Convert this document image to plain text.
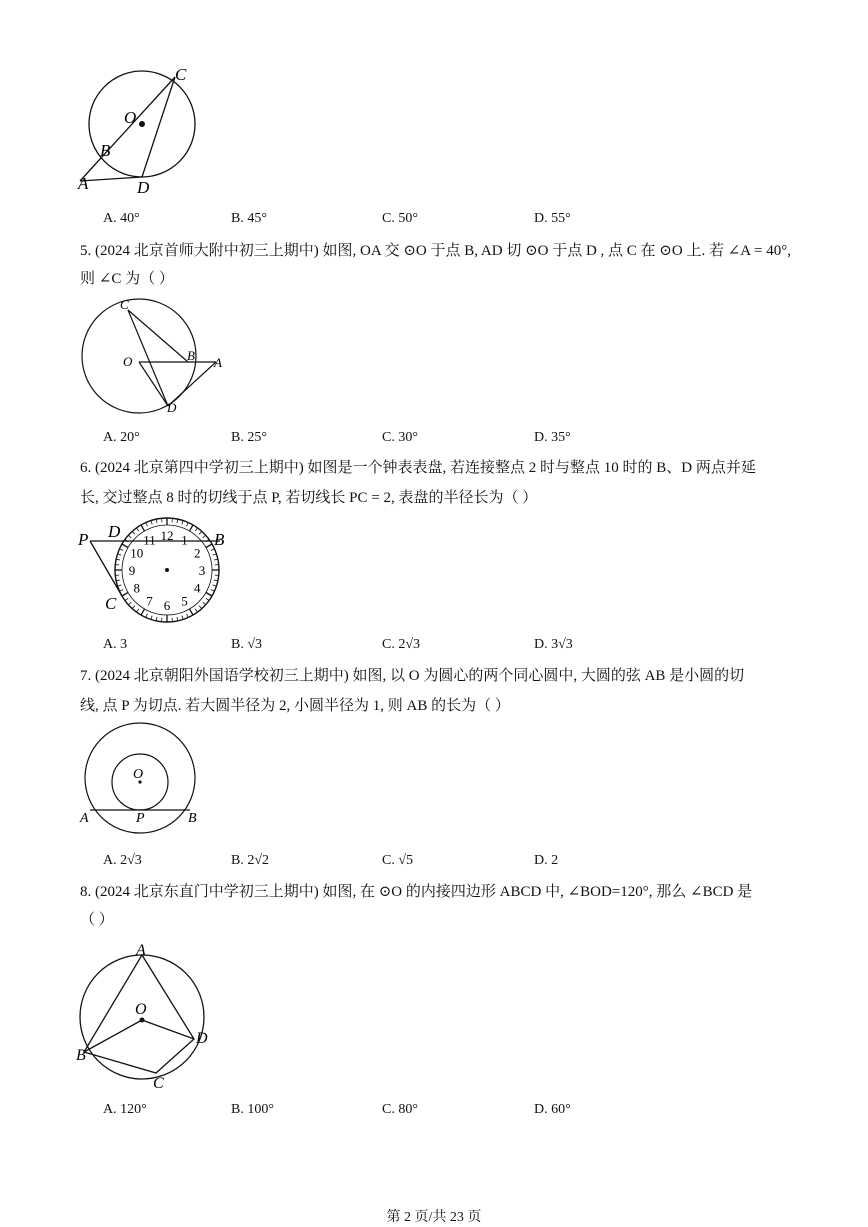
C
O
B
A	D
A. 40°	B. 45°	C. 50°	D. 55°
5. (2024 北京首师大附中初三上期中) 如图, OA 交 ⊙O 于点 B, AD 切 ⊙O 于点 D , 点 C 在 ⊙O 上. 若 ∠A = 40°,
则 ∠C 为（ ）
C
O	B A
D
A. 20°	B. 25°	C. 30°	D. 35°
6. (2024 北京第四中学初三上期中) 如图是一个钟表表盘, 若连接整点 2 时与整点 10 时的 B、D 两点并延
长, 交过整点 8 时的切线于点 P, 若切线长 PC = 2, 表盘的半径长为（ ）
12 1
2
3
4
5
6
7
8
9
10
11
P D	B
C
A. 3	B. √3	C. 2√3	D. 3√3
7. (2024 北京朝阳外国语学校初三上期中) 如图, 以 O 为圆心的两个同心圆中, 大圆的弦 AB 是小圆的切
线, 点 P 为切点. 若大圆半径为 2, 小圆半径为 1, 则 AB 的长为（ ）
O
A	P	B
A. 2√3	B. 2√2	C. √5	D. 2
8. (2024 北京东直门中学初三上期中) 如图, 在 ⊙O 的内接四边形 ABCD 中, ∠BOD=120°, 那么 ∠BCD 是
（ ）
A
O
B
D
C
A. 120°	B. 100°	C. 80°	D. 60°
第 2 页/共 23 页
